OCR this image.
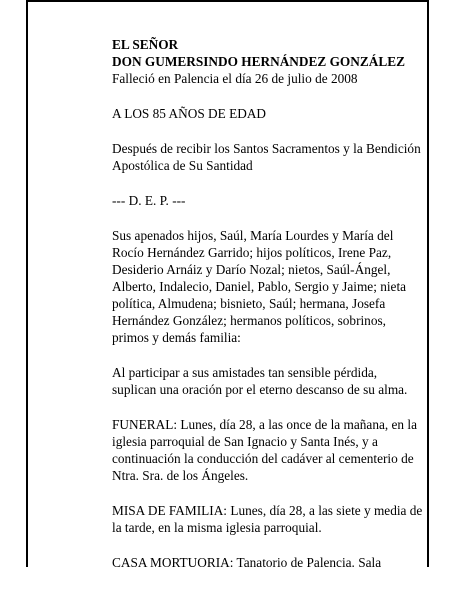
EL SEÑOR
DON GUMERSINDO HERNÁNDEZ GONZÁLEZ
Falleció en Palencia el día 26 de julio de 2008

A LOS 85 AÑOS DE EDAD

Después de recibir los Santos Sacramentos y la Bendición Apostólica de Su Santidad

--- D. E. P. ---

Sus apenados hijos, Saúl, María Lourdes y María del Rocío Hernández Garrido; hijos políticos, Irene Paz, Desiderio Arnáiz y Darío Nozal; nietos, Saúl-Ángel, Alberto, Indalecio, Daniel, Pablo, Sergio y Jaime; nieta política, Almudena; bisnieto, Saúl; hermana, Josefa Hernández González; hermanos políticos, sobrinos, primos y demás familia:

Al participar a sus amistades tan sensible pérdida, suplican una oración por el eterno descanso de su alma.

FUNERAL: Lunes, día 28, a las once de la mañana, en la iglesia parroquial de San Ignacio y Santa Inés, y a continuación la conducción del cadáver al cementerio de Ntra. Sra. de los Ángeles.

MISA DE FAMILIA: Lunes, día 28, a las siete y media de la tarde, en la misma iglesia parroquial.

CASA MORTUORIA: Tanatorio de Palencia. Sala
